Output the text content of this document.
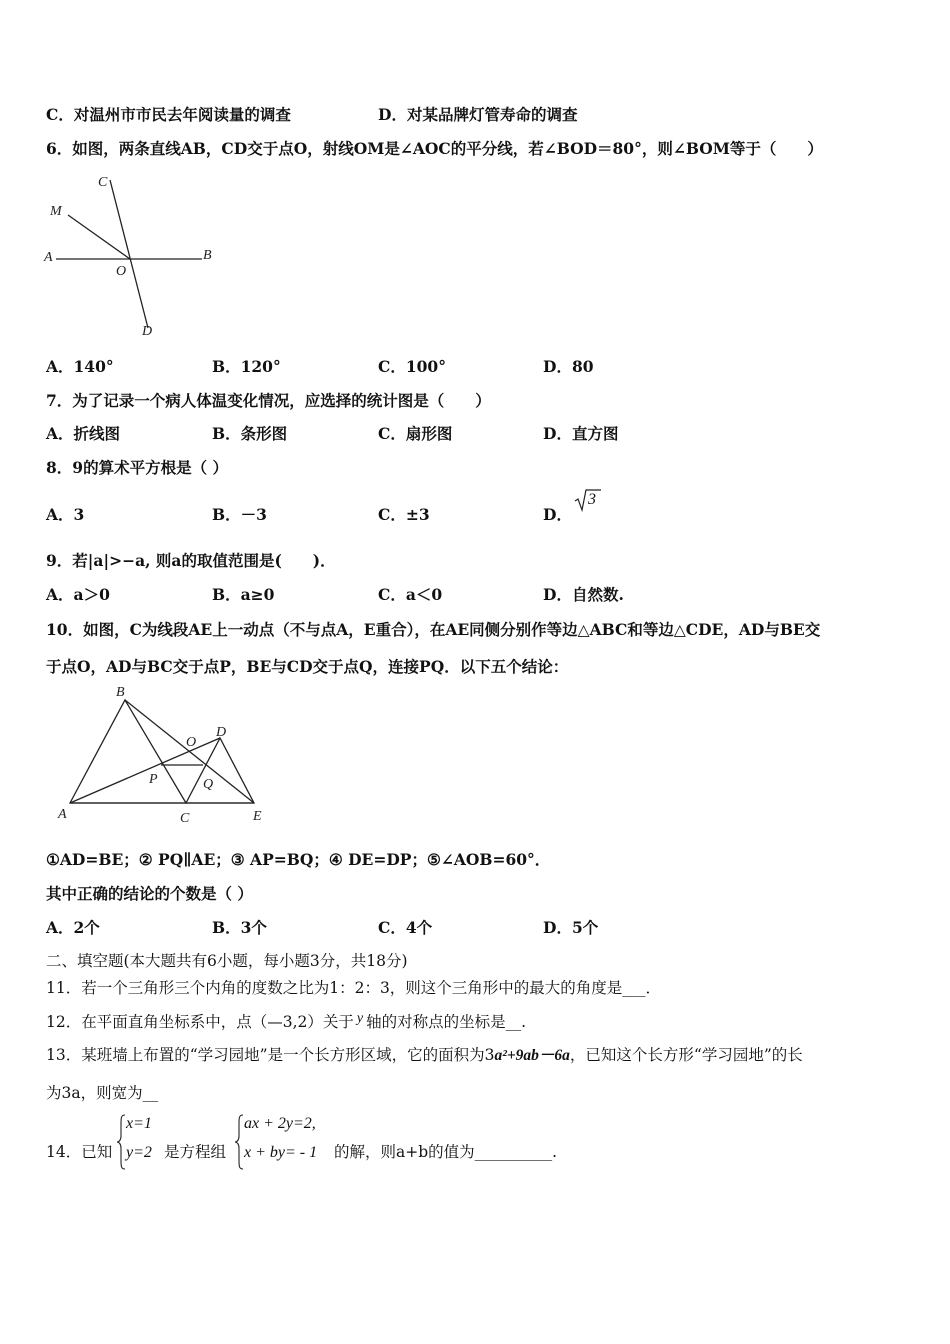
C．对温州市市民去年阅读量的调查	D．对某品牌灯管寿命的调查
6．如图，两条直线AB，CD交于点O，射线OM是∠AOC的平分线，若∠BOD＝80°，则∠BOM等于（　　）
C
M
A	B
O
D
A．140°	B．120°	C．100°	D．80
7．为了记录一个病人体温变化情况，应选择的统计图是（　　）
A．折线图	B．条形图	C．扇形图	D．直方图
8．9的算术平方根是（ ）
A．3	B．－3	C．±3	D．
3
9．若|a|>−a, 则a的取值范围是(　　)．
A．a＞0	B．a≥0	C．a＜0	D．自然数.
10．如图，C为线段AE上一动点（不与点A，E重合），在AE同侧分别作等边△ABC和等边△CDE，AD与BE交
于点O，AD与BC交于点P，BE与CD交于点Q，连接PQ．以下五个结论：
B
O
D
P	Q
A	C	E
①AD=BE；② PQ∥AE；③ AP=BQ；④ DE=DP；⑤∠AOB=60°．
其中正确的结论的个数是（ ）
A．2个	B．3个	C．4个	D．5个
二、填空题(本大题共有6小题，每小题3分，共18分)
11．若一个三角形三个内角的度数之比为1：2：3，则这个三角形中的最大的角度是___．
12．在平面直角坐标系中，点（—3,2）关于 y 轴的对称点的坐标是__.
13．某班墙上布置的“学习园地”是一个长方形区域，它的面积为3a²+9ab－6a，已知这个长方形“学习园地”的长
为3a，则宽为__
14．已知
x=1
y=2 是方程组
ax + 2y=2,
x + by= - 1 的解，则a+b的值为__________.
